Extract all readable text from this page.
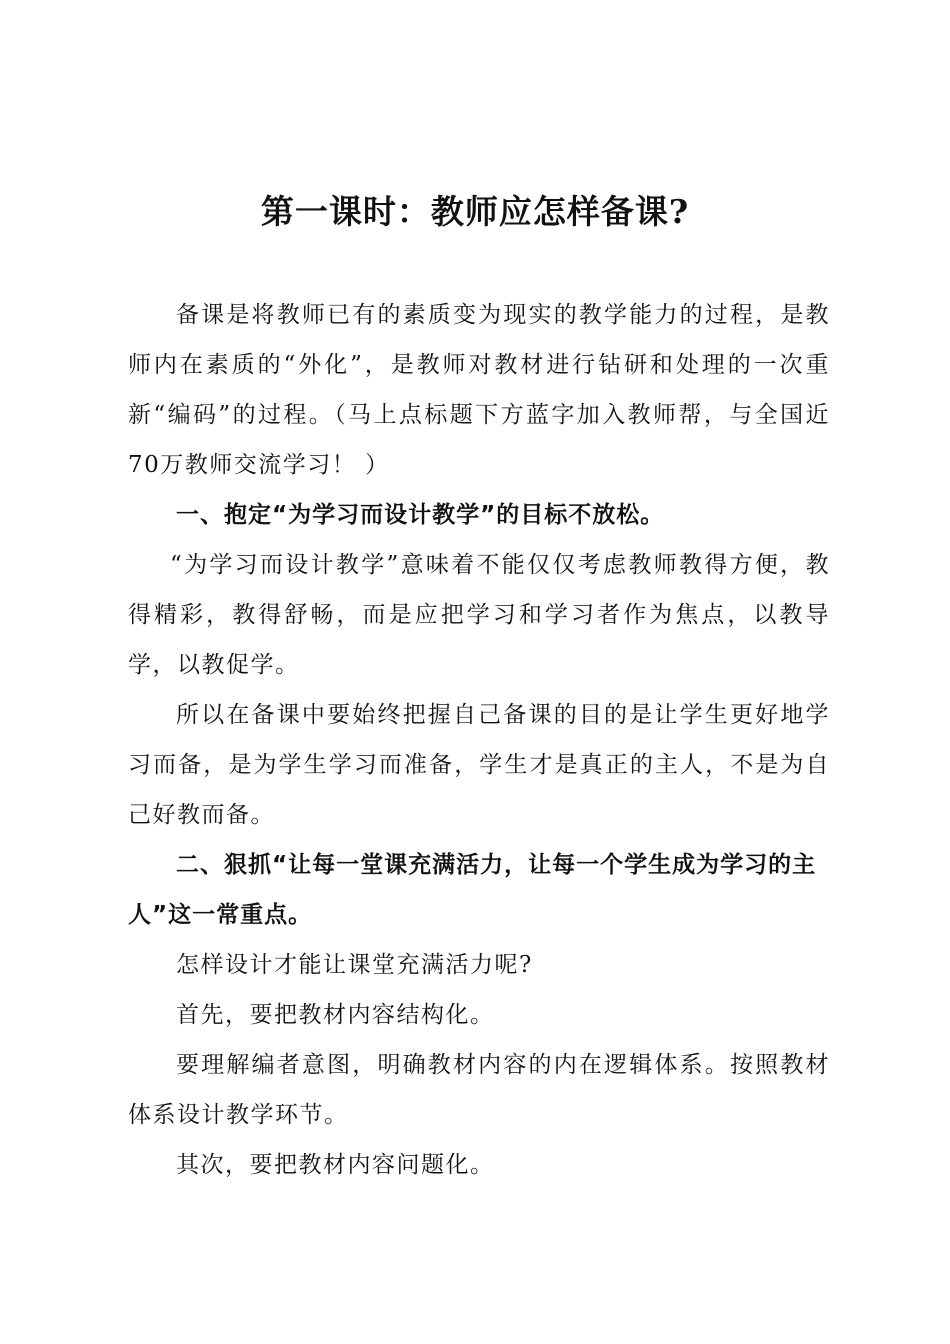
第一课时：教师应怎样备课?

备课是将教师已有的素质变为现实的教学能力的过程，是教师内在素质的“外化”，是教师对教材进行钻研和处理的一次重新“编码”的过程。（马上点标题下方蓝字加入教师帮，与全国近70万教师交流学习！ ）

一、抱定“为学习而设计教学”的目标不放松。

“为学习而设计教学”意味着不能仅仅考虑教师教得方便，教得精彩，教得舒畅，而是应把学习和学习者作为焦点，以教导学，以教促学。

所以在备课中要始终把握自己备课的目的是让学生更好地学习而备，是为学生学习而准备，学生才是真正的主人，不是为自己好教而备。

二、狠抓“让每一堂课充满活力，让每一个学生成为学习的主人”这一常重点。

怎样设计才能让课堂充满活力呢?

首先，要把教材内容结构化。

要理解编者意图，明确教材内容的内在逻辑体系。按照教材体系设计教学环节。

其次，要把教材内容问题化。
